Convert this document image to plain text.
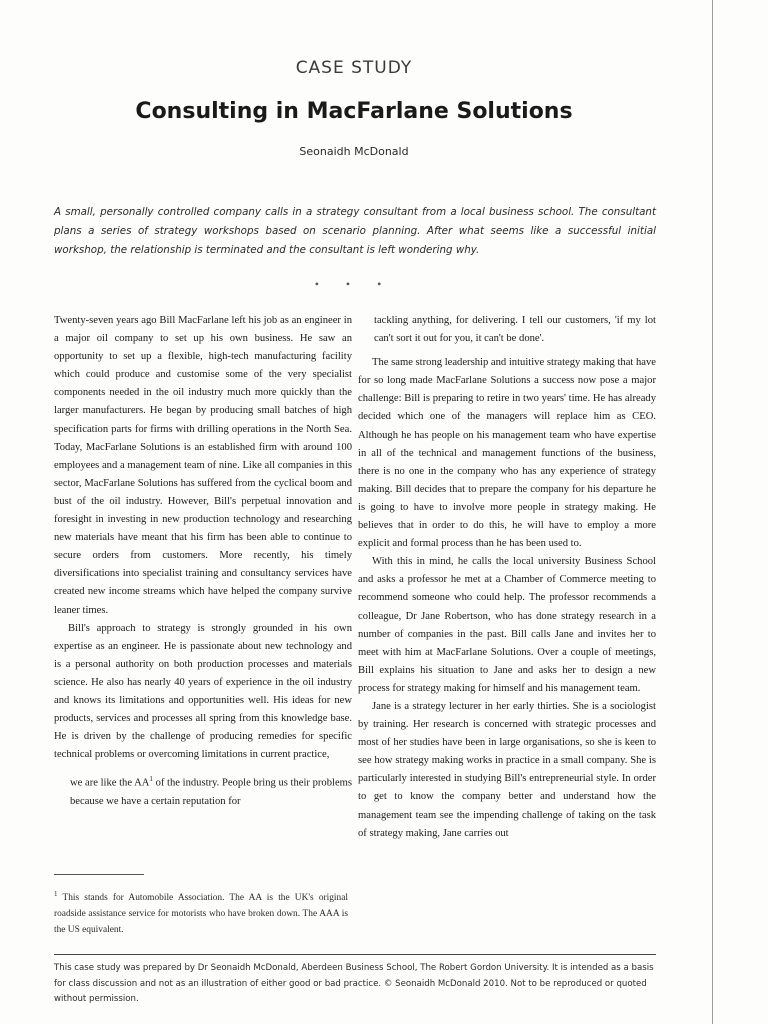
CASE STUDY
Consulting in MacFarlane Solutions
Seonaidh McDonald

A small, personally controlled company calls in a strategy consultant from a local business school. The consultant plans a series of strategy workshops based on scenario planning. After what seems like a successful initial workshop, the relationship is terminated and the consultant is left wondering why.

• • •

Twenty-seven years ago Bill MacFarlane left his job as an engineer in a major oil company to set up his own business. He saw an opportunity to set up a flexible, high-tech manufacturing facility which could produce and customise some of the very specialist components needed in the oil industry much more quickly than the larger manufacturers. He began by producing small batches of high specification parts for firms with drilling operations in the North Sea. Today, MacFarlane Solutions is an established firm with around 100 employees and a management team of nine. Like all companies in this sector, MacFarlane Solutions has suffered from the cyclical boom and bust of the oil industry. However, Bill's perpetual innovation and foresight in investing in new production technology and researching new materials have meant that his firm has been able to continue to secure orders from customers. More recently, his timely diversifications into specialist training and consultancy services have created new income streams which have helped the company survive leaner times.

Bill's approach to strategy is strongly grounded in his own expertise as an engineer. He is passionate about new technology and is a personal authority on both production processes and materials science. He also has nearly 40 years of experience in the oil industry and knows its limitations and opportunities well. His ideas for new products, services and processes all spring from this knowledge base. He is driven by the challenge of producing remedies for specific technical problems or overcoming limitations in current practice,

we are like the $AA^1$ of the industry. People bring us their problems because we have a certain reputation for

tackling anything, for delivering. I tell our customers, 'if my lot can't sort it out for you, it can't be done'.

The same strong leadership and intuitive strategy making that have for so long made MacFarlane Solutions a success now pose a major challenge: Bill is preparing to retire in two years' time. He has already decided which one of the managers will replace him as CEO. Although he has people on his management team who have expertise in all of the technical and management functions of the business, there is no one in the company who has any experience of strategy making. Bill decides that to prepare the company for his departure he is going to have to involve more people in strategy making. He believes that in order to do this, he will have to employ a more explicit and formal process than he has been used to.

With this in mind, he calls the local university Business School and asks a professor he met at a Chamber of Commerce meeting to recommend someone who could help. The professor recommends a colleague, Dr Jane Robertson, who has done strategy research in a number of companies in the past. Bill calls Jane and invites her to meet with him at MacFarlane Solutions. Over a couple of meetings, Bill explains his situation to Jane and asks her to design a new process for strategy making for himself and his management team.

Jane is a strategy lecturer in her early thirties. She is a sociologist by training. Her research is concerned with strategic processes and most of her studies have been in large organisations, so she is keen to see how strategy making works in practice in a small company. She is particularly interested in studying Bill's entrepreneurial style. In order to get to know the company better and understand how the management team see the impending challenge of taking on the task of strategy making, Jane carries out

$^1$ This stands for Automobile Association. The AA is the UK's original roadside assistance service for motorists who have broken down. The AAA is the US equivalent.

This case study was prepared by Dr Seonaidh McDonald, Aberdeen Business School, The Robert Gordon University. It is intended as a basis for class discussion and not as an illustration of either good or bad practice. © Seonaidh McDonald 2010. Not to be reproduced or quoted without permission.
